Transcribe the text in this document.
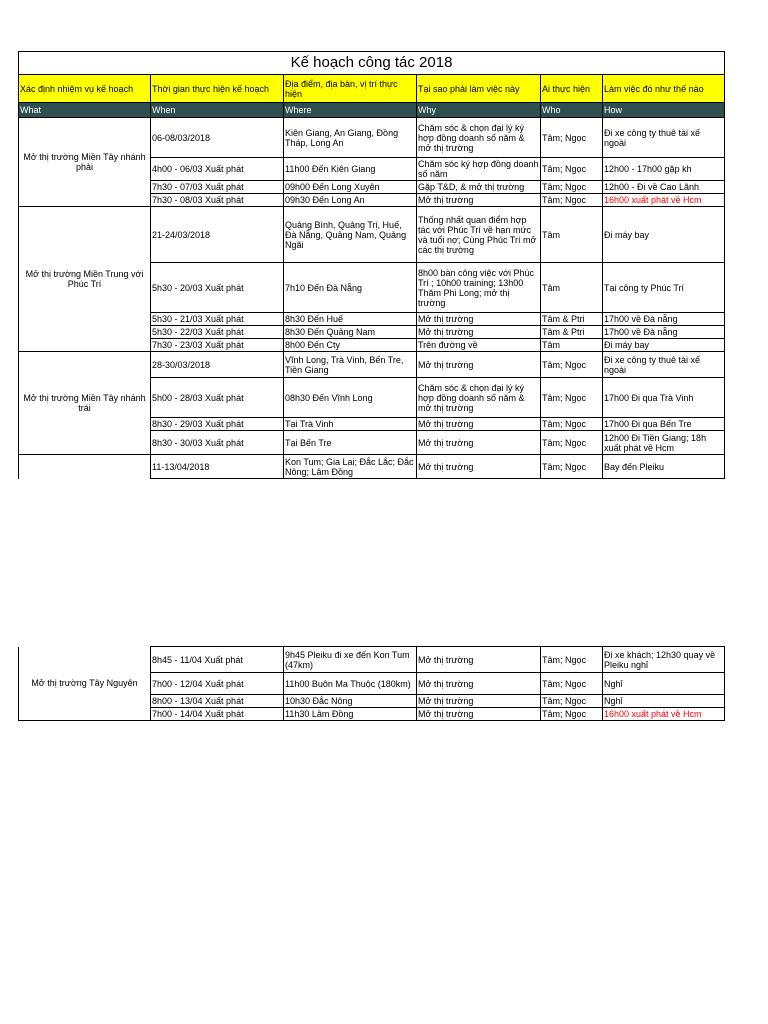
Kế hoạch công tác 2018					
Xác định nhiệm vụ kế hoạch	Thời gian thực hiện kế hoạch	Địa điểm, địa bàn, vị trí thực hiện	Tại sao phải làm việc này	Ai thực hiện	Làm việc đó như thế nào
What	When	Where	Why	Who	How
Mở thị trường Miền Tây nhánh phải	06-08/03/2018	Kiên Giang, An Giang, Đồng Tháp, Long An	Chăm sóc & chọn đại lý ký hợp đồng doanh số năm & mở thị trường	Tâm; Ngọc	Đi xe công ty thuê tài xế ngoài
	4h00 - 06/03 Xuất phát	11h00 Đến Kiên Giang	Chăm sóc ký hợp đồng doanh số năm	Tâm; Ngọc	12h00 - 17h00 gặp kh
	7h30 - 07/03 Xuất phát	09h00 Đến Long Xuyên	Gặp T&D, & mở thị trường	Tâm; Ngọc	12h00 - Đi về Cao Lãnh
	7h30 - 08/03 Xuất phát	09h30 Đến Long An	Mở thị trường	Tâm; Ngọc	16h00 xuất phát về Hcm
Mở thị trường Miền Trung với Phúc Trí	21-24/03/2018	Quảng Bình, Quảng Trị, Huế, Đà Nẵng, Quảng Nam, Quảng Ngãi	Thống nhất quan điểm hợp tác với Phúc Trí về hạn mức và tuổi nợ; Cùng Phúc Trí mở các thị trường	Tâm	Đi máy bay
	5h30 - 20/03 Xuất phát	7h10 Đến Đà Nẵng	8h00 bàn công việc với Phúc Trí ; 10h00 training; 13h00 Thăm Phi Long; mở thị trường	Tâm	Tại công ty Phúc Trí
	5h30 - 21/03 Xuất phát	8h30 Đến Huế	Mở thị trường	Tâm & Ptri	17h00 về Đà nẵng
	5h30 - 22/03 Xuất phát	8h30 Đến Quảng Nam	Mở thị trường	Tâm & Ptri	17h00 về Đà nẵng
	7h30 - 23/03 Xuất phát	8h00 Đến Cty	Trên đường về	Tâm	Đi máy bay
Mở thị trường Miền Tây nhánh trái	28-30/03/2018	Vĩnh Long, Trà Vinh, Bến Tre, Tiền Giang	Mở thị trường	Tâm; Ngọc	Đi xe công ty thuê tài xế ngoài
	5h00 - 28/03 Xuất phát	08h30 Đến Vĩnh Long	Chăm sóc & chọn đại lý ký hợp đồng doanh số năm & mở thị trường	Tâm; Ngọc	17h00 Đi qua Trà Vinh
	8h30 - 29/03 Xuất phát	Tại Trà Vinh	Mở thị trường	Tâm; Ngọc	17h00 Đi qua Bến Tre
	8h30 - 30/03 Xuất phát	Tại Bến Tre	Mở thị trường	Tâm; Ngọc	12h00 Đi Tiền Giang; 18h xuất phát về Hcm
	11-13/04/2018	Kon Tum; Gia Lai; Đắc Lắc; Đắc Nông; Lâm Đồng	Mở thị trường	Tâm; Ngọc	Bay đến Pleiku
Mở thị trường Tây Nguyên	8h45 - 11/04 Xuất phát	9h45 Pleiku đi xe đến Kon Tum (47km)	Mở thị trường	Tâm; Ngọc	Đi xe khách; 12h30 quay về Pleiku nghỉ
	7h00 - 12/04 Xuất phát	11h00 Buôn Ma Thuộc (180km)	Mở thị trường	Tâm; Ngọc	Nghỉ
	8h00 - 13/04 Xuất phát	10h30 Đắc Nông	Mở thị trường	Tâm; Ngọc	Nghỉ
	7h00 - 14/04 Xuất phát	11h30 Lâm Đồng	Mở thị trường	Tâm; Ngọc	16h00 xuất phát về Hcm
